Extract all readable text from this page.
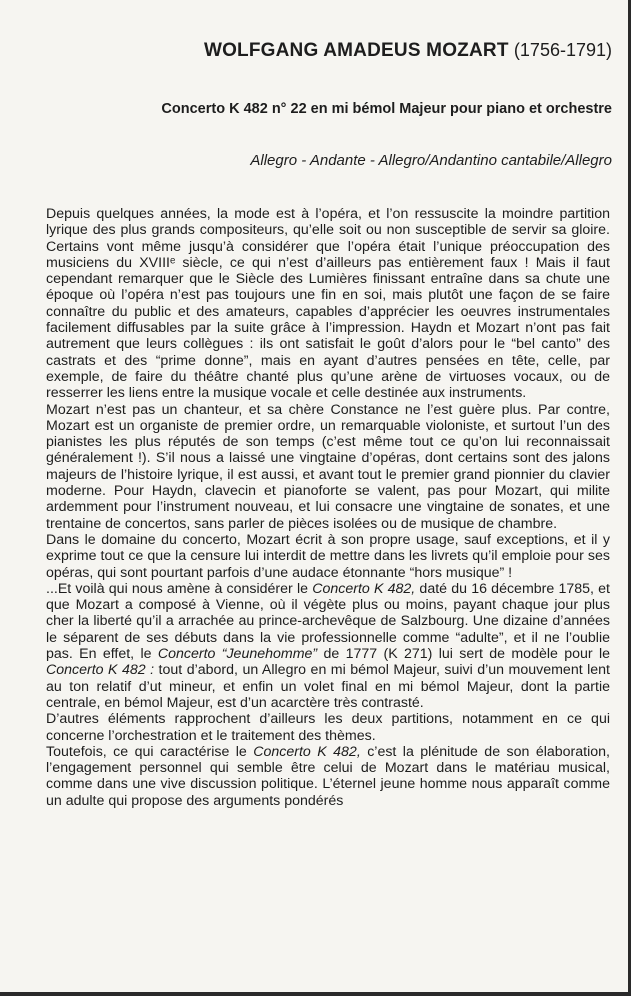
WOLFGANG AMADEUS MOZART (1756-1791)
Concerto K 482 n° 22 en mi bémol Majeur pour piano et orchestre
Allegro - Andante - Allegro/Andantino cantabile/Allegro

Depuis quelques années, la mode est à l’opéra, et l’on ressuscite la moindre partition lyrique des plus grands compositeurs, qu’elle soit ou non susceptible de servir sa gloire. Certains vont même jusqu’à considérer que l’opéra était l’unique préoccupation des musiciens du XVIIIᵉ siècle, ce qui n’est d’ailleurs pas entièrement faux ! Mais il faut cependant remarquer que le Siècle des Lumières finissant entraîne dans sa chute une époque où l’opéra n’est pas toujours une fin en soi, mais plutôt une façon de se faire connaître du public et des amateurs, capables d’apprécier les oeuvres instrumentales facilement diffusables par la suite grâce à l’impression. Haydn et Mozart n’ont pas fait autrement que leurs collègues : ils ont satisfait le goût d’alors pour le “bel canto” des castrats et des “prime donne”, mais en ayant d’autres pensées en tête, celle, par exemple, de faire du théâtre chanté plus qu’une arène de virtuoses vocaux, ou de resserrer les liens entre la musique vocale et celle destinée aux instruments.

Mozart n’est pas un chanteur, et sa chère Constance ne l’est guère plus. Par contre, Mozart est un organiste de premier ordre, un remarquable violoniste, et surtout l’un des pianistes les plus réputés de son temps (c’est même tout ce qu’on lui reconnaissait généralement !). S’il nous a laissé une vingtaine d’opéras, dont certains sont des jalons majeurs de l’histoire lyrique, il est aussi, et avant tout le premier grand pionnier du clavier moderne. Pour Haydn, clavecin et pianoforte se valent, pas pour Mozart, qui milite ardemment pour l’instrument nouveau, et lui consacre une vingtaine de sonates, et une trentaine de concertos, sans parler de pièces isolées ou de musique de chambre.

Dans le domaine du concerto, Mozart écrit à son propre usage, sauf exceptions, et il y exprime tout ce que la censure lui interdit de mettre dans les livrets qu’il emploie pour ses opéras, qui sont pourtant parfois d’une audace étonnante “hors musique” !

...Et voilà qui nous amène à considérer le Concerto K 482, daté du 16 décembre 1785, et que Mozart a composé à Vienne, où il végète plus ou moins, payant chaque jour plus cher la liberté qu’il a arrachée au prince-archevêque de Salzbourg. Une dizaine d’années le séparent de ses débuts dans la vie professionnelle comme “adulte”, et il ne l’oublie pas. En effet, le Concerto “Jeunehomme” de 1777 (K 271) lui sert de modèle pour le Concerto K 482 : tout d’abord, un Allegro en mi bémol Majeur, suivi d’un mouvement lent au ton relatif d’ut mineur, et enfin un volet final en mi bémol Majeur, dont la partie centrale, en bémol Majeur, est d’un acarctère très contrasté.

D’autres éléments rapprochent d’ailleurs les deux partitions, notamment en ce qui concerne l’orchestration et le traitement des thèmes.

Toutefois, ce qui caractérise le Concerto K 482, c’est la plénitude de son élaboration, l’engagement personnel qui semble être celui de Mozart dans le matériau musical, comme dans une vive discussion politique. L’éternel jeune homme nous apparaît comme un adulte qui propose des arguments pondérés
